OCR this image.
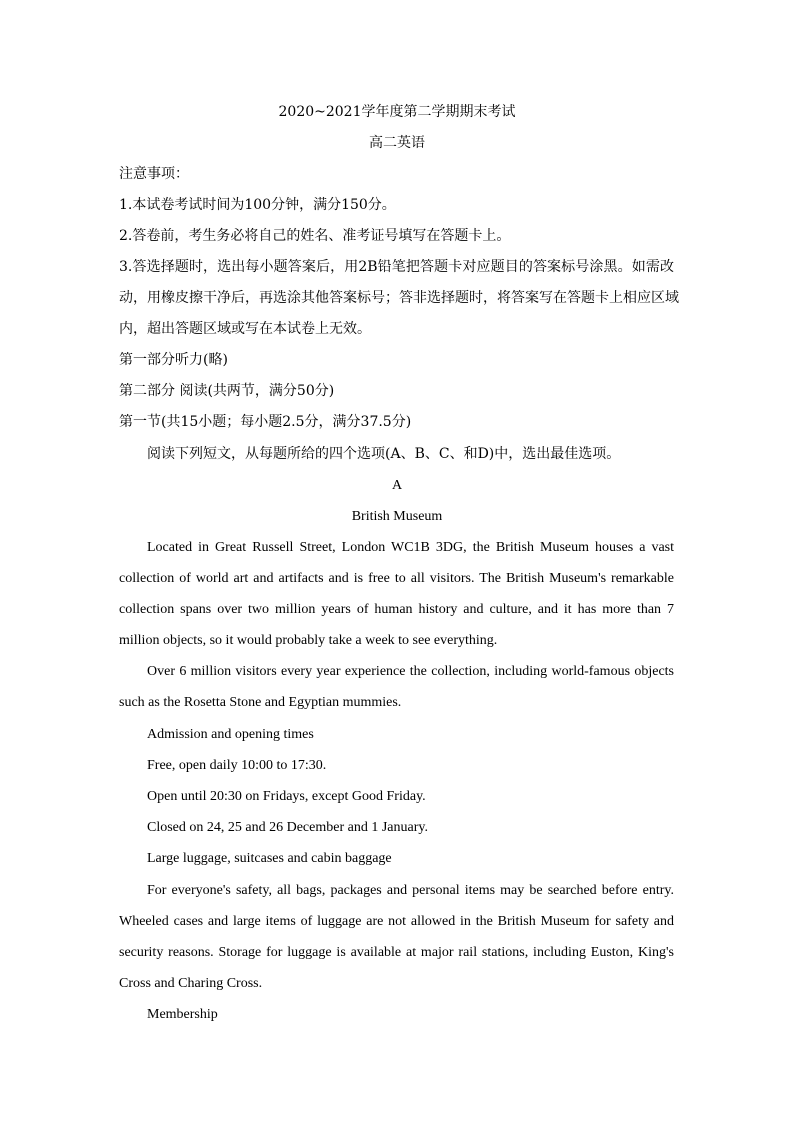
2020~2021学年度第二学期期末考试
高二英语
注意事项：
1.本试卷考试时间为100分钟，满分150分。
2.答卷前，考生务必将自己的姓名、准考证号填写在答题卡上。
3.答选择题时，选出每小题答案后，用2B铅笔把答题卡对应题目的答案标号涂黑。如需改
动，用橡皮擦干净后，再选涂其他答案标号；答非选择题时，将答案写在答题卡上相应区域
内，超出答题区域或写在本试卷上无效。
第一部分听力(略)
第二部分 阅读(共两节，满分50分)
第一节(共15小题；每小题2.5分，满分37.5分)
阅读下列短文，从每题所给的四个选项(A、B、C、和D)中，选出最佳选项。
A
British Museum
Located in Great Russell Street, London WC1B 3DG, the British Museum houses a vast
collection of world art and artifacts and is free to all visitors. The British Museum's remarkable
collection spans over two million years of human history and culture, and it has more than 7
million objects, so it would probably take a week to see everything.
Over 6 million visitors every year experience the collection, including world-famous objects
such as the Rosetta Stone and Egyptian mummies.
Admission and opening times
Free, open daily 10:00 to 17:30.
Open until 20:30 on Fridays, except Good Friday.
Closed on 24, 25 and 26 December and 1 January.
Large luggage, suitcases and cabin baggage
For everyone's safety, all bags, packages and personal items may be searched before entry.
Wheeled cases and large items of luggage are not allowed in the British Museum for safety and
security reasons. Storage for luggage is available at major rail stations, including Euston, King's
Cross and Charing Cross.
Membership
